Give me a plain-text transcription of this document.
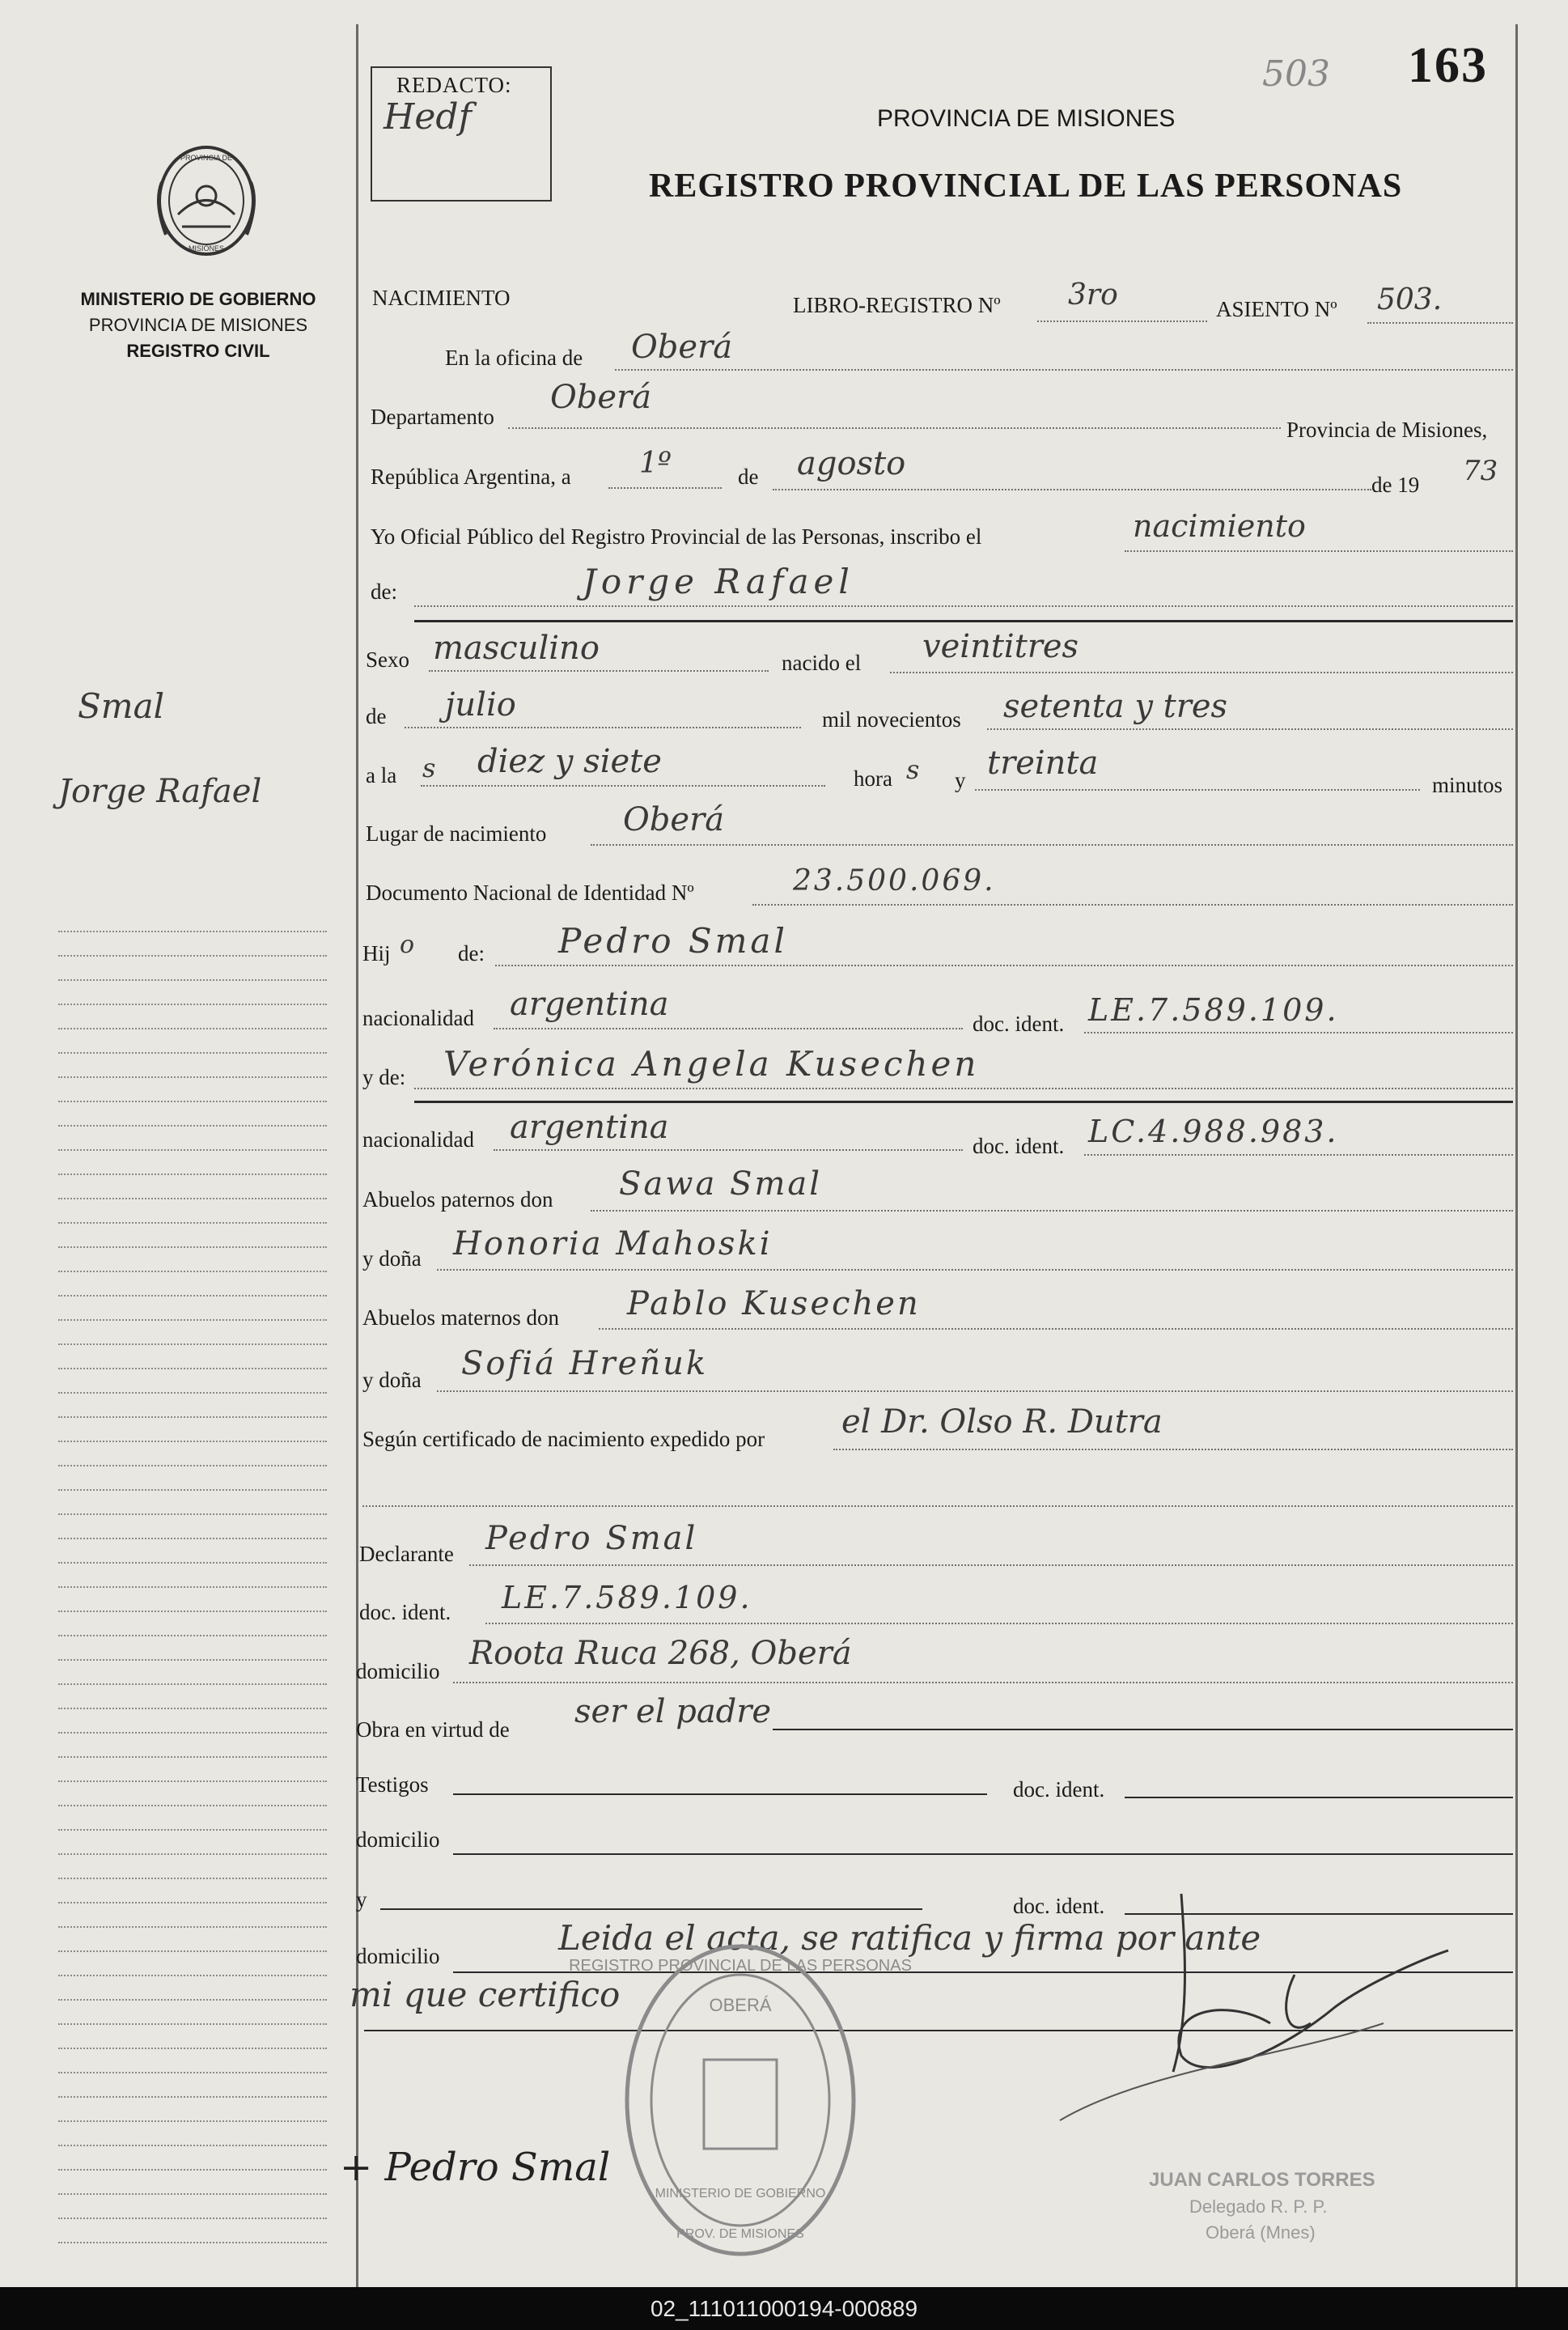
PROVINCIA DE
MISIONES
MINISTERIO DE GOBIERNO
PROVINCIA DE MISIONES
REGISTRO CIVIL
Smal
Jorge Rafael
REDACTO:
Hedf
503 163
PROVINCIA DE MISIONES
REGISTRO PROVINCIAL DE LAS PERSONAS
NACIMIENTO	LIBRO-REGISTRO Nº 3ro	ASIENTO Nº 503.
En la oficina de Oberá
Departamento
Oberá
Provincia de Misiones,
República Argentina, a 1º	de agosto
de 19 73
Yo Oficial Público del Registro Provincial de las Personas, inscribo el	nacimiento
de:	Jorge Rafael
Sexo masculino	nacido el veintitres
de julio	mil novecientos setenta y tres
a la s diez y siete	hora s y treinta
minutos
Lugar de nacimiento Oberá
Documento Nacional de Identidad Nº	23.500.069.
Hij o de: Pedro Smal
nacionalidad argentina
doc. ident. LE.7.589.109.
y de: Verónica Angela Kusechen
nacionalidad argentina	doc. ident. LC.4.988.983.
Abuelos paternos don Sawa Smal
y doña Honoria Mahoski
Abuelos maternos don Pablo Kusechen
y doña Sofiá Hreñuk
Según certificado de nacimiento expedido por el Dr. Olso R. Dutra
Declarante Pedro Smal
doc. ident. LE.7.589.109.
domicilio Roota Ruca 268, Oberá
Obra en virtud de ser el padre
Testigos	doc. ident.
domicilio
y	doc. ident.
domicilio	Leida el acta, se ratifica y firma por ante
mi que certifico
REGISTRO PROVINCIAL DE LAS PERSONAS
OBERÁ
MINISTERIO DE GOBIERNO
PROV. DE MISIONES
+ Pedro Smal	JUAN CARLOS TORRES
Delegado R. P. P.
Oberá (Mnes)
02_111011000194-000889
